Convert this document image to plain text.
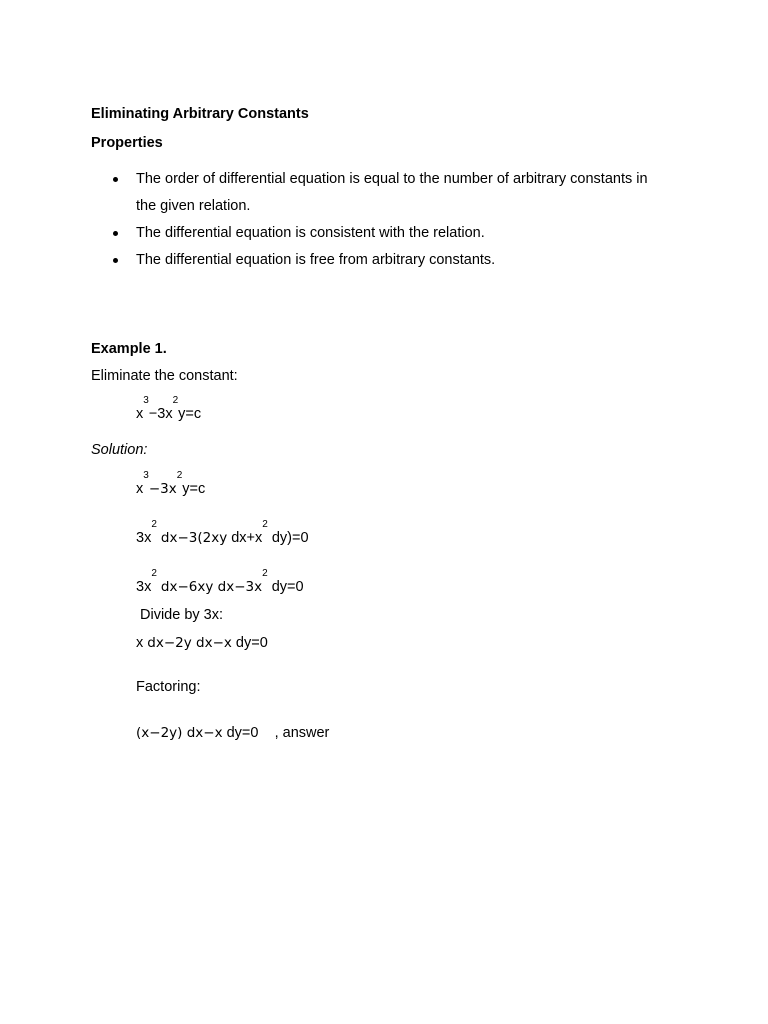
Eliminating Arbitrary Constants
Properties
The order of differential equation is equal to the number of arbitrary constants in
the given relation.
The differential equation is consistent with the relation.
The differential equation is free from arbitrary constants.
Example 1.
Eliminate the constant:
$x^3-3x^2y=c$
Solution:
$x^3-3x^2y=c$
$3x^2$ dx−3(2xy $dx+x^2$ dy)=0
$3x^2$ dx−6xy $dx-3x^2$ dy=0
Divide by 3x:
x dx−2y dx−x dy=0
Factoring:
(x−2y) dx−x dy=0    , answer
